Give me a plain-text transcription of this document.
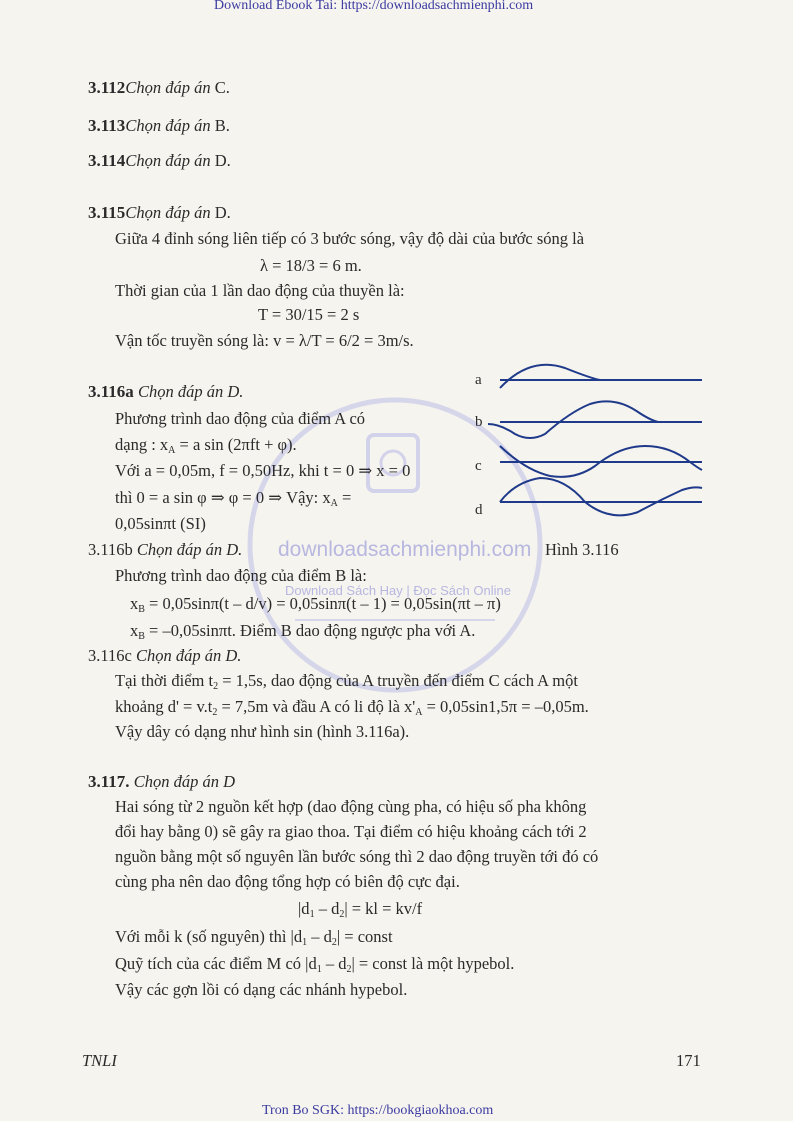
Download Ebook Tai: https://downloadsachmienphi.com
downloadsachmienphi.com
Download Sách Hay | Đọc Sách Online
3.112Chọn đáp án C.
3.113Chọn đáp án B.
3.114Chọn đáp án D.
3.115Chọn đáp án D.
Giữa 4 đỉnh sóng liên tiếp có 3 bước sóng, vậy độ dài của bước sóng là
λ = 18/3 = 6 m.
Thời gian của 1 lần dao động của thuyền là:
T = 30/15 = 2 s
Vận tốc truyền sóng là: v = λ/T = 6/2 = 3m/s.
3.116a Chọn đáp án D.
Phương trình dao động của điểm A có
dạng : $x_A = a$ sin (2πft + φ).
Với a = 0,05m, f = 0,50Hz, khi t = 0 ⇒ x = 0
thì 0 = a sin φ ⇒ φ = 0 ⇒ Vậy: $x_A$ =
0,05sinπt (SI)
a
b
c
d
Hình 3.116
3.116b Chọn đáp án D.
Phương trình dao động của điểm B là:
$x_B = 0,05\sin\pi(t - d/v) = 0,05\sin\pi(t - 1) = 0,05\sin(\pi t - \pi)$
$x_B = -0,05\sin\pi t$. Điểm B dao động ngược pha với A.
3.116c Chọn đáp án D.
Tại thời điểm $t_2 = 1,5s$, dao động của A truyền đến điểm C cách A một
khoảng $d' = v.t_2 = 7,5m$ và đầu A có li độ là $x'_A = 0,05\sin 1,5\pi = -0,05m$.
Vậy dây có dạng như hình sin (hình 3.116a).
3.117. Chọn đáp án D
Hai sóng từ 2 nguồn kết hợp (dao động cùng pha, có hiệu số pha không
đổi hay bằng 0) sẽ gây ra giao thoa. Tại điểm có hiệu khoảng cách tới 2
nguồn bằng một số nguyên lần bước sóng thì 2 dao động truyền tới đó có
cùng pha nên dao động tổng hợp có biên độ cực đại.
$|d_1 - d_2|$ = kl = kv/f
Với mỗi k (số nguyên) thì $|d_1 - d_2|$ = const
Quỹ tích của các điểm M có $|d_1 - d_2|$ = const là một hypebol.
Vậy các gợn lồi có dạng các nhánh hypebol.
TNLI	171
Tron Bo SGK: https://bookgiaokhoa.com
